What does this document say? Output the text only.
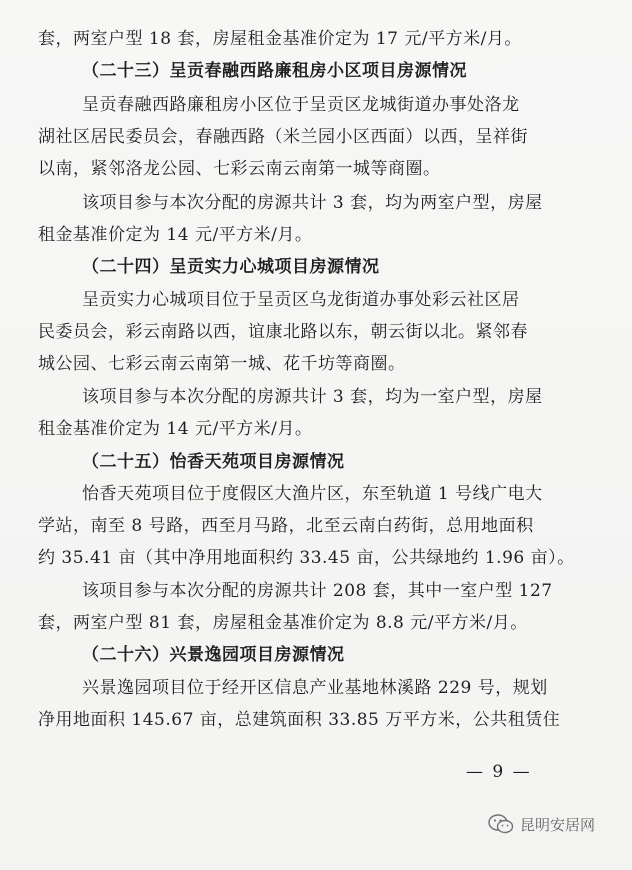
套，两室户型 18 套，房屋租金基准价定为 17 元/平方米/月。
（二十三）呈贡春融西路廉租房小区项目房源情况
呈贡春融西路廉租房小区位于呈贡区龙城街道办事处洛龙
湖社区居民委员会，春融西路（米兰园小区西面）以西，呈祥街
以南，紧邻洛龙公园、七彩云南云南第一城等商圈。
该项目参与本次分配的房源共计 3 套，均为两室户型，房屋
租金基准价定为 14 元/平方米/月。
（二十四）呈贡实力心城项目房源情况
呈贡实力心城项目位于呈贡区乌龙街道办事处彩云社区居
民委员会，彩云南路以西，谊康北路以东，朝云街以北。紧邻春
城公园、七彩云南云南第一城、花千坊等商圈。
该项目参与本次分配的房源共计 3 套，均为一室户型，房屋
租金基准价定为 14 元/平方米/月。
（二十五）怡香天苑项目房源情况
怡香天苑项目位于度假区大渔片区，东至轨道 1 号线广电大
学站，南至 8 号路，西至月马路，北至云南白药街，总用地面积
约 35.41 亩（其中净用地面积约 33.45 亩，公共绿地约 1.96 亩）。
该项目参与本次分配的房源共计 208 套，其中一室户型 127
套，两室户型 81 套，房屋租金基准价定为 8.8 元/平方米/月。
（二十六）兴景逸园项目房源情况
兴景逸园项目位于经开区信息产业基地林溪路 229 号，规划
净用地面积 145.67 亩，总建筑面积 33.85 万平方米，公共租赁住
— 9 —
昆明安居网
